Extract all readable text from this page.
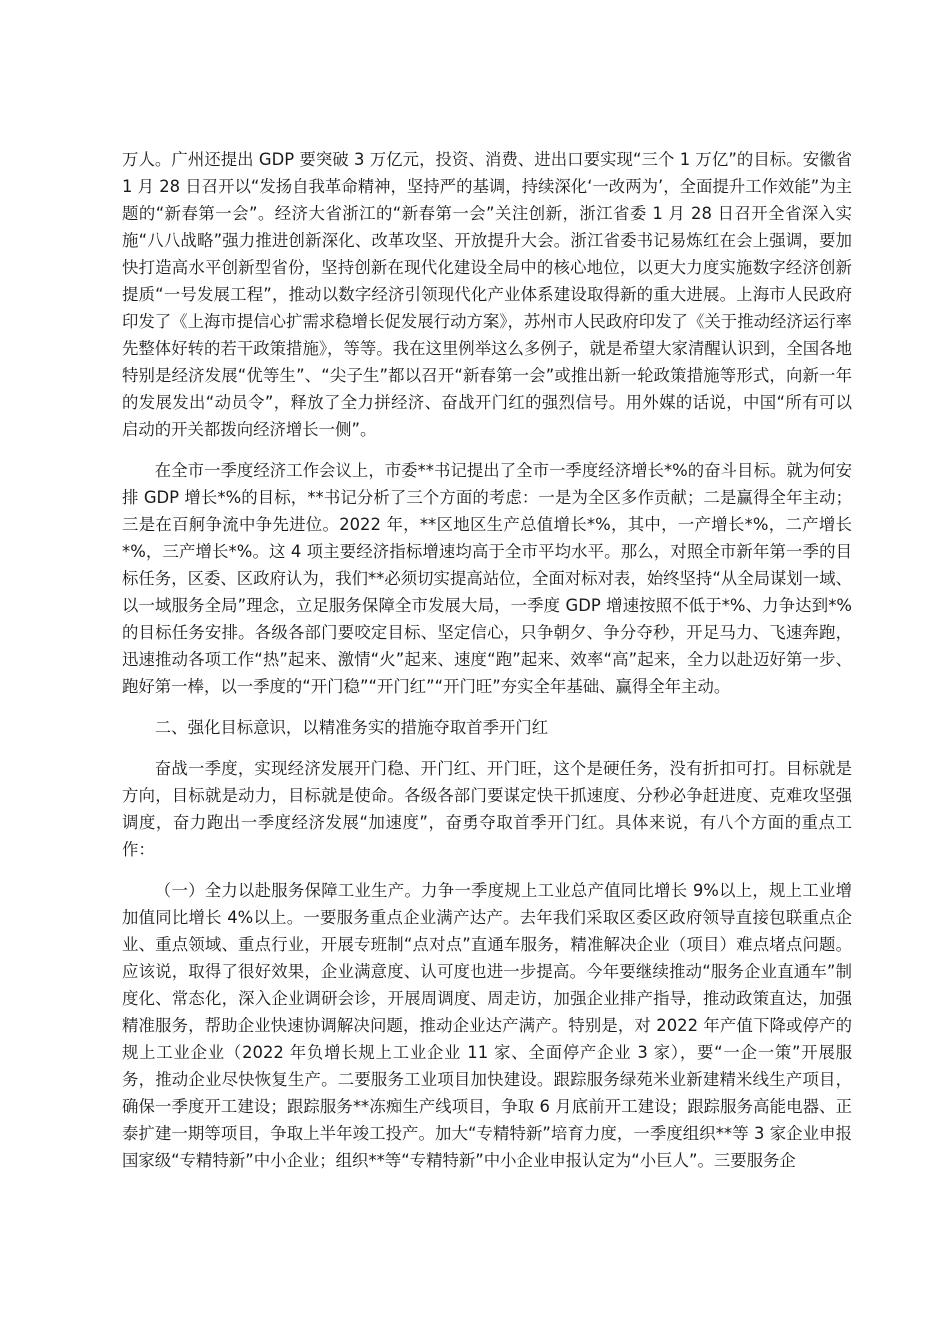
万人。广州还提出 GDP 要突破 3 万亿元，投资、消费、进出口要实现“三个 1 万亿”的目标。安徽省 1 月 28 日召开以“发扬自我革命精神，坚持严的基调，持续深化‘一改两为’，全面提升工作效能”为主题的“新春第一会”。经济大省浙江的“新春第一会”关注创新，浙江省委 1 月 28 日召开全省深入实施“八八战略”强力推进创新深化、改革攻坚、开放提升大会。浙江省委书记易炼红在会上强调，要加快打造高水平创新型省份，坚持创新在现代化建设全局中的核心地位，以更大力度实施数字经济创新提质“一号发展工程”，推动以数字经济引领现代化产业体系建设取得新的重大进展。上海市人民政府印发了《上海市提信心扩需求稳增长促发展行动方案》，苏州市人民政府印发了《关于推动经济运行率先整体好转的若干政策措施》，等等。我在这里例举这么多例子，就是希望大家清醒认识到，全国各地特别是经济发展“优等生”、“尖子生”都以召开“新春第一会”或推出新一轮政策措施等形式，向新一年的发展发出“动员令”，释放了全力拼经济、奋战开门红的强烈信号。用外媒的话说，中国“所有可以启动的开关都拨向经济增长一侧”。

在全市一季度经济工作会议上，市委**书记提出了全市一季度经济增长*%的奋斗目标。就为何安排 GDP 增长*%的目标，**书记分析了三个方面的考虑：一是为全区多作贡献；二是赢得全年主动；三是在百舸争流中争先进位。2022 年，**区地区生产总值增长*%，其中，一产增长*%，二产增长*%，三产增长*%。这 4 项主要经济指标增速均高于全市平均水平。那么，对照全市新年第一季的目标任务，区委、区政府认为，我们**必须切实提高站位，全面对标对表，始终坚持“从全局谋划一域、以一域服务全局”理念，立足服务保障全市发展大局，一季度 GDP 增速按照不低于*%、力争达到*%的目标任务安排。各级各部门要咬定目标、坚定信心，只争朝夕、争分夺秒，开足马力、飞速奔跑，迅速推动各项工作“热”起来、激情“火”起来、速度“跑”起来、效率“高”起来，全力以赴迈好第一步、跑好第一棒，以一季度的“开门稳”“开门红”“开门旺”夯实全年基础、赢得全年主动。

二、强化目标意识，以精准务实的措施夺取首季开门红

奋战一季度，实现经济发展开门稳、开门红、开门旺，这个是硬任务，没有折扣可打。目标就是方向，目标就是动力，目标就是使命。各级各部门要谋定快干抓速度、分秒必争赶进度、克难攻坚强调度，奋力跑出一季度经济发展“加速度”，奋勇夺取首季开门红。具体来说，有八个方面的重点工作：

（一）全力以赴服务保障工业生产。力争一季度规上工业总产值同比增长 9%以上，规上工业增加值同比增长 4%以上。一要服务重点企业满产达产。去年我们采取区委区政府领导直接包联重点企业、重点领域、重点行业，开展专班制“点对点”直通车服务，精准解决企业（项目）难点堵点问题。应该说，取得了很好效果，企业满意度、认可度也进一步提高。今年要继续推动“服务企业直通车”制度化、常态化，深入企业调研会诊，开展周调度、周走访，加强企业排产指导，推动政策直达，加强精准服务，帮助企业快速协调解决问题，推动企业达产满产。特别是，对 2022 年产值下降或停产的规上工业企业（2022 年负增长规上工业企业 11 家、全面停产企业 3 家），要“一企一策”开展服务，推动企业尽快恢复生产。二要服务工业项目加快建设。跟踪服务绿苑米业新建精米线生产项目，确保一季度开工建设；跟踪服务**冻痴生产线项目，争取 6 月底前开工建设；跟踪服务高能电器、正泰扩建一期等项目，争取上半年竣工投产。加大“专精特新”培育力度，一季度组织**等 3 家企业申报国家级“专精特新”中小企业；组织**等“专精特新”中小企业申报认定为“小巨人”。三要服务企
